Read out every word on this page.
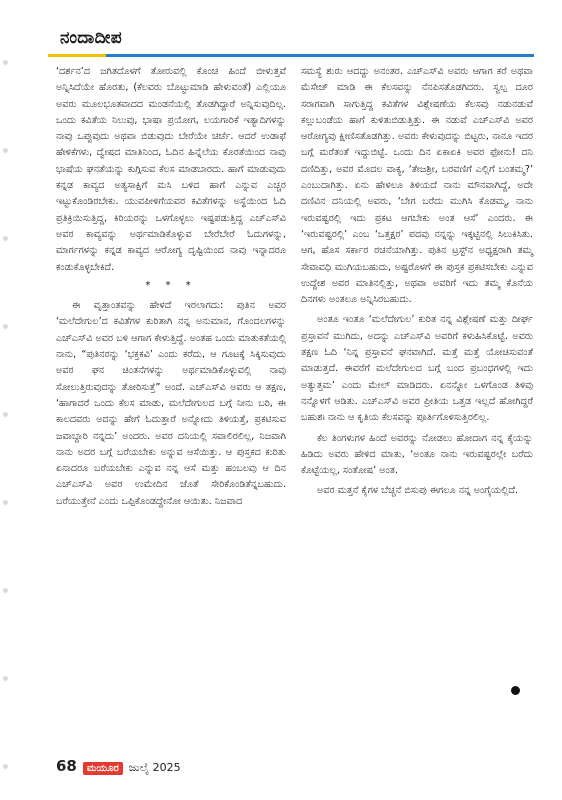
ನಂದಾದೀಪ

‘ದರ್ಶನ’ದ ಜಗಿತದೊಳಗೆ ತೋರುವಲ್ಲಿ ಕೊಂಚ ಹಿಂದೆ ಬೀಳುತ್ತವೆ ಅನ್ನಿಸಿದೆಯೇ ಹೊರತು, (ಕೆಲವರು ಬೊಟ್ಟುಮಾಡಿ ಹೇಳುವಂತೆ) ಎಲ್ಲಿಯೂ ಅವರು ಮೂಲಭೂತವಾದದ ಮಂಡನೆಯಲ್ಲಿ ತೊಡಗಿದ್ದಾರೆ ಅನ್ನಿಸುವುದಿಲ್ಲ. ಒಂದು ಕವಿತೆಯ ನಿಲುವು, ಭಾಷಾ ಪ್ರಯೋಗ, ಲಯಗಾರಿಕೆ ಇತ್ಯಾದಿಗಳನ್ನು ನಾವು ಒಪ್ಪುವುದು ಅಥವಾ ಬಿಡುವುದು ಬೇರೆಯೇ ಚರ್ಚೆ. ಆದರೆ ಉಡಾಫೆ ಹೇಳಿಕೆಗಳು, ದ್ವೇಷದ ಮಾತಿನಿಂದ, ಓದಿನ ಹಿನ್ನೆಲೆಯ ಕೊರತೆಯಿಂದ ನಾವು ಭಾಷೆಯ ಘನತೆಯನ್ನು ಕುಗ್ಗಿಸುವ ಕೆಲಸ ಮಾಡಬಾರದು. ಹಾಗೆ ಮಾಡುವುದು ಕನ್ನಡ ಕಾವ್ಯದ ಅತ್ಯಸಾಕ್ಷಿಗೆ ಮಸಿ ಬಳಿದ ಹಾಗೆ ಎನ್ನುವ ಎಚ್ಚರ ಇಟ್ಟುಕೊಂಡಿರಬೇಕು. ಯುವಪೀಳಿಗೆಯವರ ಕವಿತೆಗಳನ್ನು ಅಸ್ಥೆಯಿಂದ ಓದಿ ಪ್ರತಿಕ್ರಿಯಿಸುತ್ತಿದ್ದ, ಕಿರಿಯರನ್ನು ಒಳಗೊಳ್ಳಲು ಇಷ್ಟಪಡುತ್ತಿದ್ದ ಎಚ್ಎಸ್‌ವಿ ಅವರ ಕಾವ್ಯವನ್ನು ಅರ್ಥಮಾಡಿಕೊಳ್ಳುವ ಬೇರೆಬೇರೆ ಓದುಗಳನ್ನು, ಮಾರ್ಗಗಳನ್ನು ಕನ್ನಡ ಕಾವ್ಯದ ಆರೋಗ್ಯ ದೃಷ್ಟಿಯಿಂದ ನಾವು ಇನ್ನಾದರೂ ಕಂಡುಕೊಳ್ಳಬೇಕಿದೆ.

* * *

ಈ ವೃತ್ತಾಂತವನ್ನು ಹೇಳದೆ ಇರಲಾಗದು: ಪುತಿನ ಅವರ ‘ಮಲೆದೇಗುಲ’ದ ಕವಿತೆಗಳ ಕುರಿತಾಗಿ ನನ್ನ ಅನುಮಾನ, ಗೊಂದಲಗಳನ್ನು ಎಚ್ಎಸ್‌ವಿ ಅವರ ಬಳಿ ಆಗಾಗ ಕೇಳುತ್ತಿದ್ದೆ. ಅಂತಹ ಒಂದು ಮಾತುಕತೆಯಲ್ಲಿ ನಾನು, “ಪುತಿನರನ್ನು ‘ಭಕ್ತಕವಿ’ ಎಂದು ಕರೆದು, ಆ ಗೂಟಕ್ಕೆ ಸಿಕ್ಕಿಸುವುದು ಅವರ ಘನ ಚಿಂತನೆಗಳನ್ನು ಅರ್ಥಮಾಡಿಕೊಳ್ಳುವಲ್ಲಿ ನಾವು ಸೋಲುತ್ತಿರುವುದನ್ನು ತೋರಿಸುತ್ತೆ” ಅಂದೆ. ಎಚ್ಎಸ್‌ವಿ ಅವರು ಆ ತಕ್ಷಣ, ‘ಹಾಗಾದರೆ ಒಂದು ಕೆಲಸ ಮಾಡು, ಮಲೆದೇಗುಲದ ಬಗ್ಗೆ ನೀನು ಬರಿ, ಈ ಕಾಲದವರು ಅದನ್ನು ಹೇಗೆ ಓದುತ್ತಾರೆ ಅನ್ನೋದು ತಿಳಿಯತ್ತೆ, ಪ್ರಕಟಿಸುವ ಜವಾಬ್ದಾರಿ ನನ್ನದು’ ಅಂದರು. ಅವರ ದನಿಯಲ್ಲಿ ಸವಾಲಿರಲಿಲ್ಲ, ನಿಜವಾಗಿ ನಾನು ಅದರ ಬಗ್ಗೆ ಬರೆಯಬೇಕು ಅನ್ನುವ ಆಸೆಯಿತ್ತು. ಆ ಪುಸ್ತಕದ ಕುರಿತು ಏನಾದರೂ ಬರೆಯಬೇಕು ಎನ್ನುವ ನನ್ನ ಆಸೆ ಮತ್ತು ಹಂಬಲವು ಆ ದಿನ ಎಚ್ಎಸ್‌ವಿ ಅವರ ಉಮೇದಿನ ಜೊತೆ ಸೇರಿಕೊಂಡಿತೆನ್ನಬಹುದು. ಬರೆಯುತ್ತೇನೆ ಎಂದು ಒಪ್ಪಿಕೊಂಡದ್ದೇನೋ ಆಯಿತು. ನಿಜವಾದ

ಸಮಸ್ಯೆ ಶುರು ಆದದ್ದು ಅನಂತರ. ಎಚ್ಎಸ್‌ವಿ ಅವರು ಆಗಾಗ ಕರೆ ಅಥವಾ ಮೆಸೇಜ್ ಮಾಡಿ ಈ ಕೆಲಸವನ್ನು ನೆನಪಿಸತೊಡಗಿದರು. ಸ್ವಲ್ಪ ದೂರ ಸರಾಗವಾಗಿ ಸಾಗುತ್ತಿದ್ದ ಕವಿತೆಗಳ ವಿಶ್ಲೇಷಣೆಯ ಕೆಲಸವು ನಡುನಡುವೆ ಕಲ್ಲುಬಂಡೆಯ ಹಾಗೆ ಕುಳಿತುಬಿಡುತ್ತಿತ್ತು. ಈ ನಡುವೆ ಎಚ್ಎಸ್‌ವಿ ಅವರ ಆರೋಗ್ಯವು ಕ್ಷೀಣಿಸತೊಡಗಿತ್ತು. ಅವರು ಕೇಳುವುದನ್ನು ಬಿಟ್ಟರು, ನಾನೂ ಇದರ ಬಗ್ಗೆ ಮರೆತಂತೆ ಇದ್ದುಬಿಟ್ಟೆ. ಒಂದು ದಿನ ಏಕಾಏಕಿ ಅವರ ಫೋನು! ದನಿ ದಣಿದಿತ್ತು, ಅವರ ಮೊದಲ ವಾಕ್ಯ, ‘ತೇಜಶ್ರೀ, ಬರವಣಿಗೆ ಎಲ್ಲಿಗೆ ಬಂತಮ್ಮ?’ ಎಂಬುದಾಗಿತ್ತು. ಏನು ಹೇಳಲೂ ತಿಳಿಯದೆ ನಾನು ಮೌನವಾಗಿದ್ದೆ, ಅದೇ ದಣಿವಿನ ದನಿಯಲ್ಲಿ ಅವರು, ‘ಬೇಗ ಬರೆದು ಮುಗಿಸಿ ಕೊಡಮ್ಮ, ನಾನು ಇರುವಷ್ಟರಲ್ಲಿ ಇದು ಪ್ರಕಟ ಆಗಬೇಕು ಅಂತ ಆಸೆ’ ಎಂದರು. ಈ ‘ಇರುವಷ್ಟರಲ್ಲಿ’ ಎಂಬ ‘ಒತ್ತಕ್ಷರ’ ಪದವು ನನ್ನನ್ನು ಇಕ್ಕಟ್ಟಿನಲ್ಲಿ ಸಿಲುಕಿಸಿತು. ಆಗ, ಹೊಸ ಸರ್ಕಾರ ರಚನೆಯಾಗಿತ್ತು. ಪುತಿನ ಟ್ರಸ್ಟ್‌ನ ಅಧ್ಯಕ್ಷರಾಗಿ ತಮ್ಮ ಸೇವಾವಧಿ ಮುಗಿಯಬಹುದು, ಅಷ್ಟರೊಳಗೆ ಈ ಪುಸ್ತಕ ಪ್ರಕಟಿಸಬೇಕು ಎನ್ನುವ ಉದ್ದೇಶ ಅವರ ಮಾತಿನಲ್ಲಿತ್ತು, ಅಥವಾ ಅವರಿಗೆ ಇದು ತಮ್ಮ ಕೊನೆಯ ದಿನಗಳು ಅಂತಲೂ ಅನ್ನಿಸಿರಬಹುದು.

ಅಂತೂ ಇಂತೂ ‘ಮಲೆದೇಗುಲ’ ಕುರಿತ ನನ್ನ ವಿಶ್ಲೇಷಣೆ ಮತ್ತು ದೀರ್ಘ ಪ್ರಸ್ತಾವನೆ ಮುಗಿದು, ಅದನ್ನು ಎಚ್ಎಸ್‌ವಿ ಅವರಿಗೆ ಕಳುಹಿಸಿಕೊಟ್ಟೆ. ಅವರು ತಕ್ಷಣ ಓದಿ ‘ನಿನ್ನ ಪ್ರಸ್ತಾವನೆ ಘನವಾಗಿದೆ. ಮತ್ತೆ ಮತ್ತೆ ಯೋಚಿಸುವಂತೆ ಮಾಡುತ್ತದೆ. ಈವರೆಗೆ ಮಲೆದೇಗುಲದ ಬಗ್ಗೆ ಬಂದ ಪ್ರಬಂಧಗಳಲ್ಲಿ ಇದು ಅತ್ಯುತ್ತಮ’ ಎಂದು ಮೇಲ್ ಮಾಡಿದರು. ಏನನ್ನೋ ಒಳಗೊಂಡ ತಿಳಿವು ನನ್ನೊಳಗೆ ಆಡಿತು. ಎಚ್ಎಸ್‌ವಿ ಅವರ ಪ್ರೀತಿಯ ಒತ್ತಡ ಇಲ್ಲದೆ ಹೋಗಿದ್ದರೆ ಬಹುಶಃ ನಾನು ಆ ಕೃತಿಯ ಕೆಲಸವನ್ನು ಪೂರ್ತಿಗೊಳಿಸುತ್ತಿರಲಿಲ್ಲ.

ಕೆಲ ತಿಂಗಳುಗಳ ಹಿಂದೆ ಅವರನ್ನು ನೋಡಲು ಹೋದಾಗ ನನ್ನ ಕೈಯನ್ನು ಹಿಡಿದು ಅವರು ಹೇಳಿದ ಮಾತು, ‘ಅಂತೂ ನಾನು ಇರುವಷ್ಟರಲ್ಲೇ ಬರೆದು ಕೊಟ್ಟೆಯಲ್ಲ, ಸಂತೋಷ’ ಅಂತ.

ಅವರ ಮತ್ತನೆ ಕೈಗಳ ಬೆಚ್ಚನೆ ಬಿಸುಪು ಈಗಲೂ ನನ್ನ ಅಂಗೈಯಲ್ಲಿದೆ.

68	ಮಯೂರ ಜುಲೈ 2025
